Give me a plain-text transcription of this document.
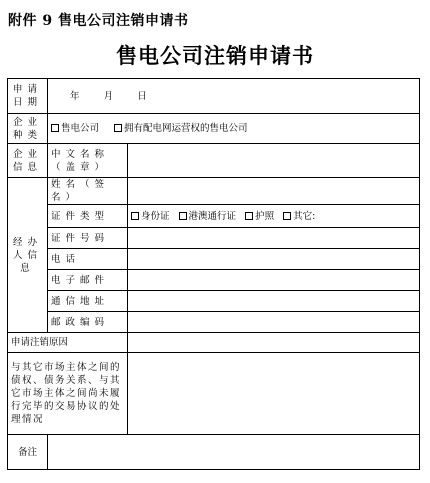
附件 9 售电公司注销申请书
售电公司注销申请书
申请日期	年        月        日	
企业种类	售电公司 拥有配电网运营权的售电公司	
企业信息	中文名称（盖章）	
经办人信息	姓名（签名）	
	证件类型	身份证 港澳通行证 护照 其它:
	证件号码	
	电话	
	电子邮件	
	通信地址	
	邮政编码	
申请注销原因		
与其它市场主体之间的债权、债务关系、与其它市场主体之间尚未履行完毕的交易协议的处理情况		
备注		
